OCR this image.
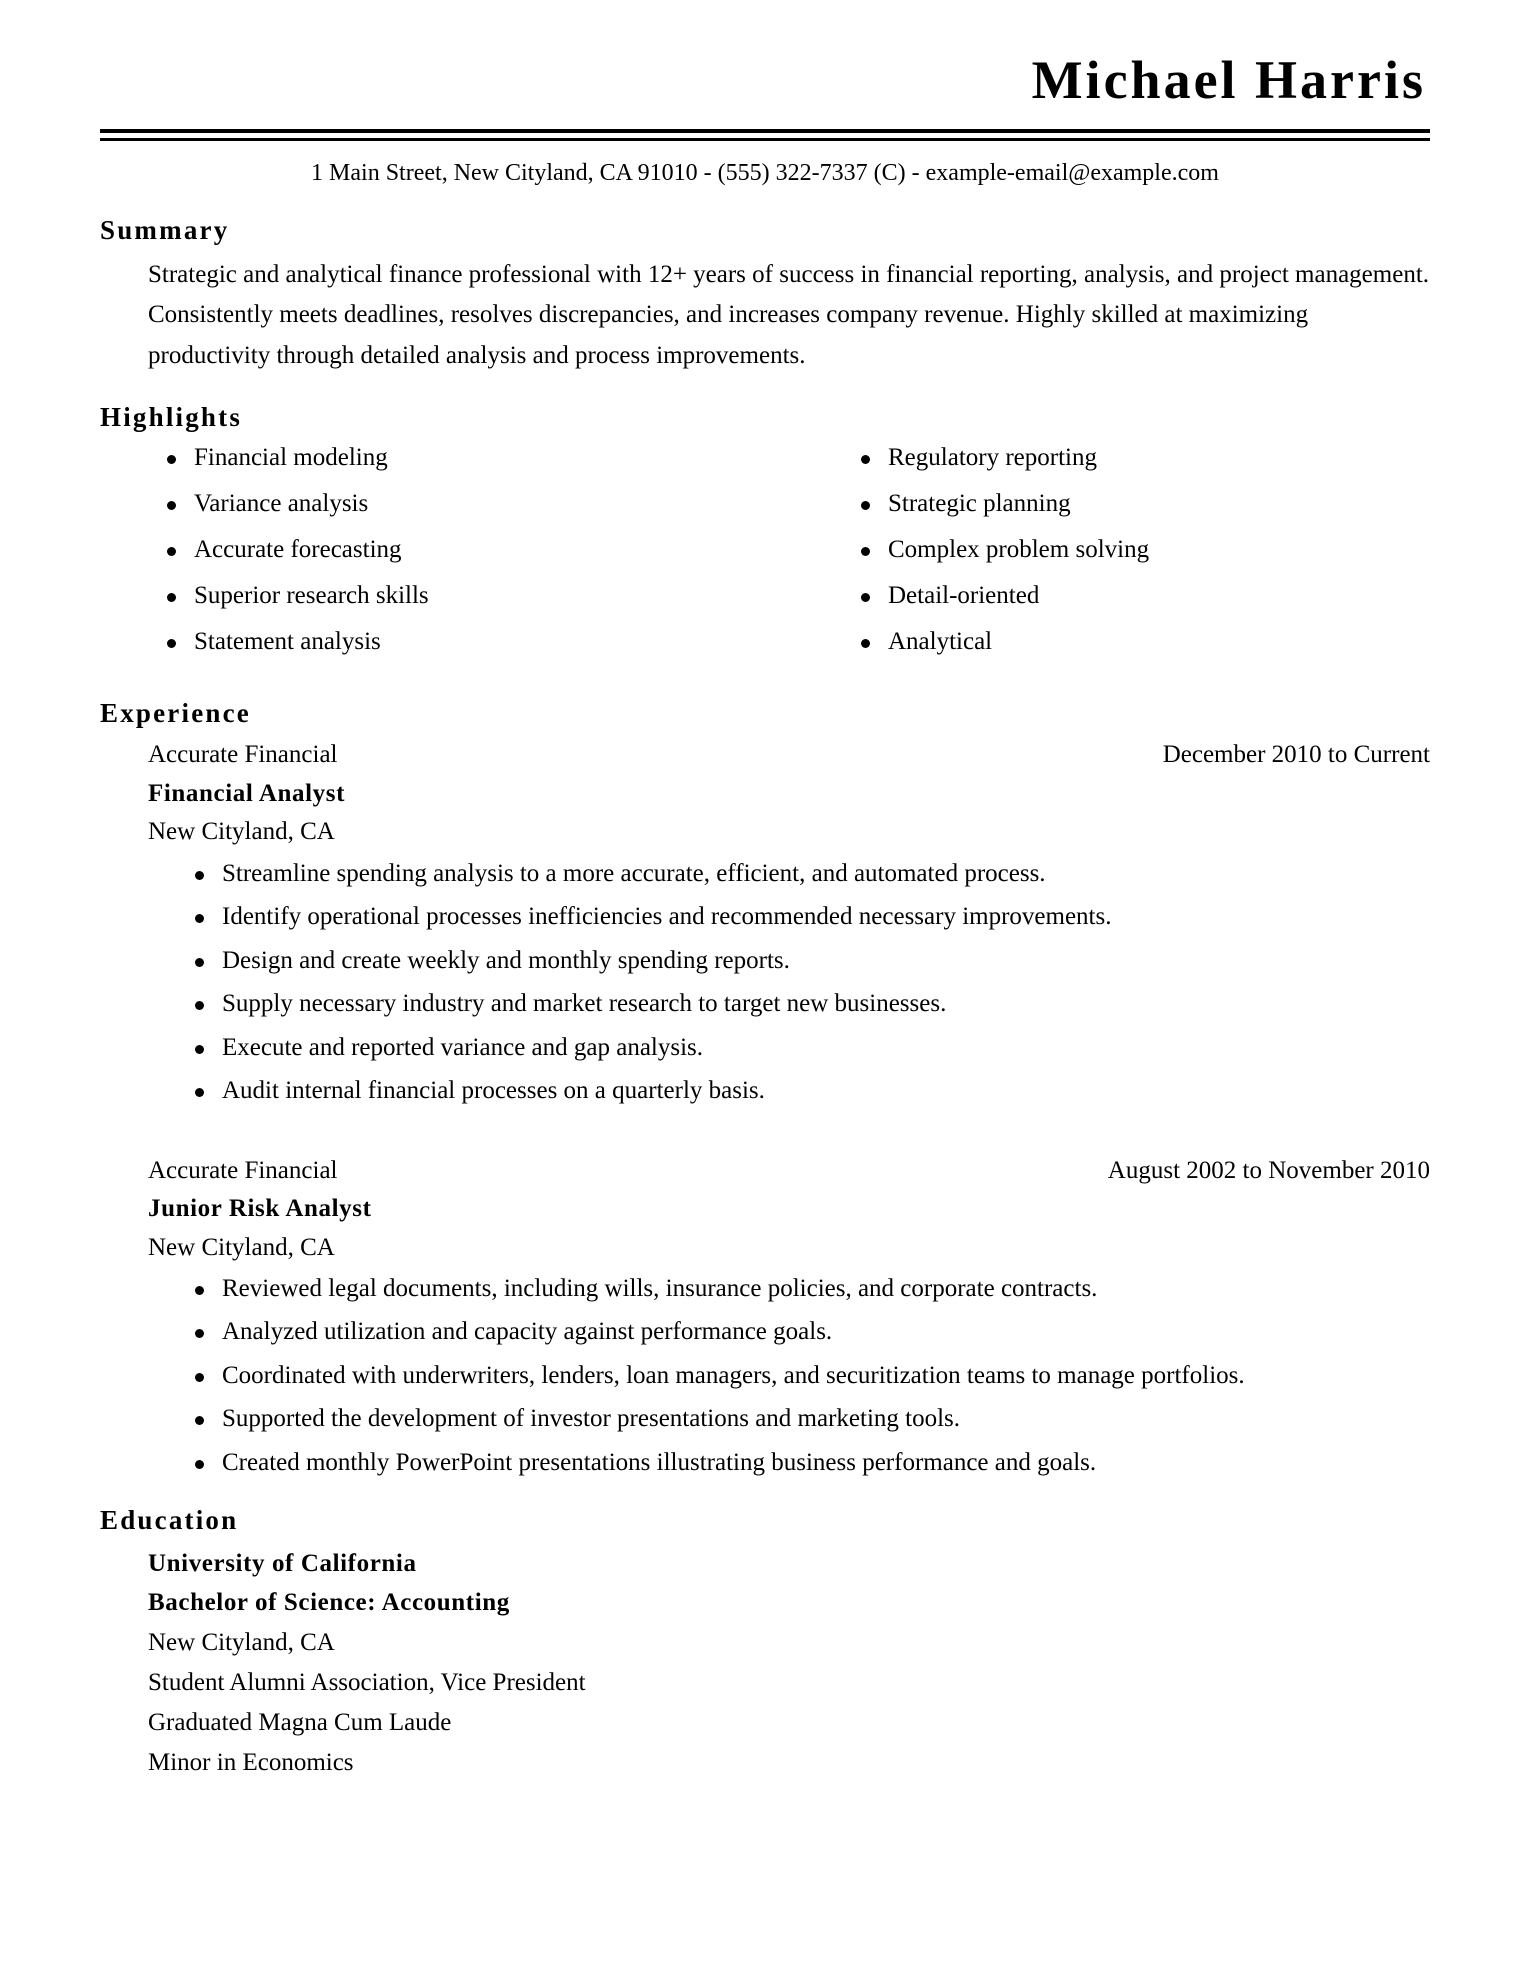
Michael Harris
1 Main Street, New Cityland, CA 91010 - (555) 322-7337 (C) - example-email@example.com
Summary
Strategic and analytical finance professional with 12+ years of success in financial reporting, analysis, and project management. Consistently meets deadlines, resolves discrepancies, and increases company revenue. Highly skilled at maximizing productivity through detailed analysis and process improvements.
Highlights
Financial modeling
Variance analysis
Accurate forecasting
Superior research skills
Statement analysis
Regulatory reporting
Strategic planning
Complex problem solving
Detail-oriented
Analytical
Experience
Accurate Financial	December 2010 to Current
Financial Analyst
New Cityland, CA
Streamline spending analysis to a more accurate, efficient, and automated process.
Identify operational processes inefficiencies and recommended necessary improvements.
Design and create weekly and monthly spending reports.
Supply necessary industry and market research to target new businesses.
Execute and reported variance and gap analysis.
Audit internal financial processes on a quarterly basis.
Accurate Financial	August 2002 to November 2010
Junior Risk Analyst
New Cityland, CA
Reviewed legal documents, including wills, insurance policies, and corporate contracts.
Analyzed utilization and capacity against performance goals.
Coordinated with underwriters, lenders, loan managers, and securitization teams to manage portfolios.
Supported the development of investor presentations and marketing tools.
Created monthly PowerPoint presentations illustrating business performance and goals.
Education
University of California
Bachelor of Science: Accounting
New Cityland, CA
Student Alumni Association, Vice President
Graduated Magna Cum Laude
Minor in Economics
